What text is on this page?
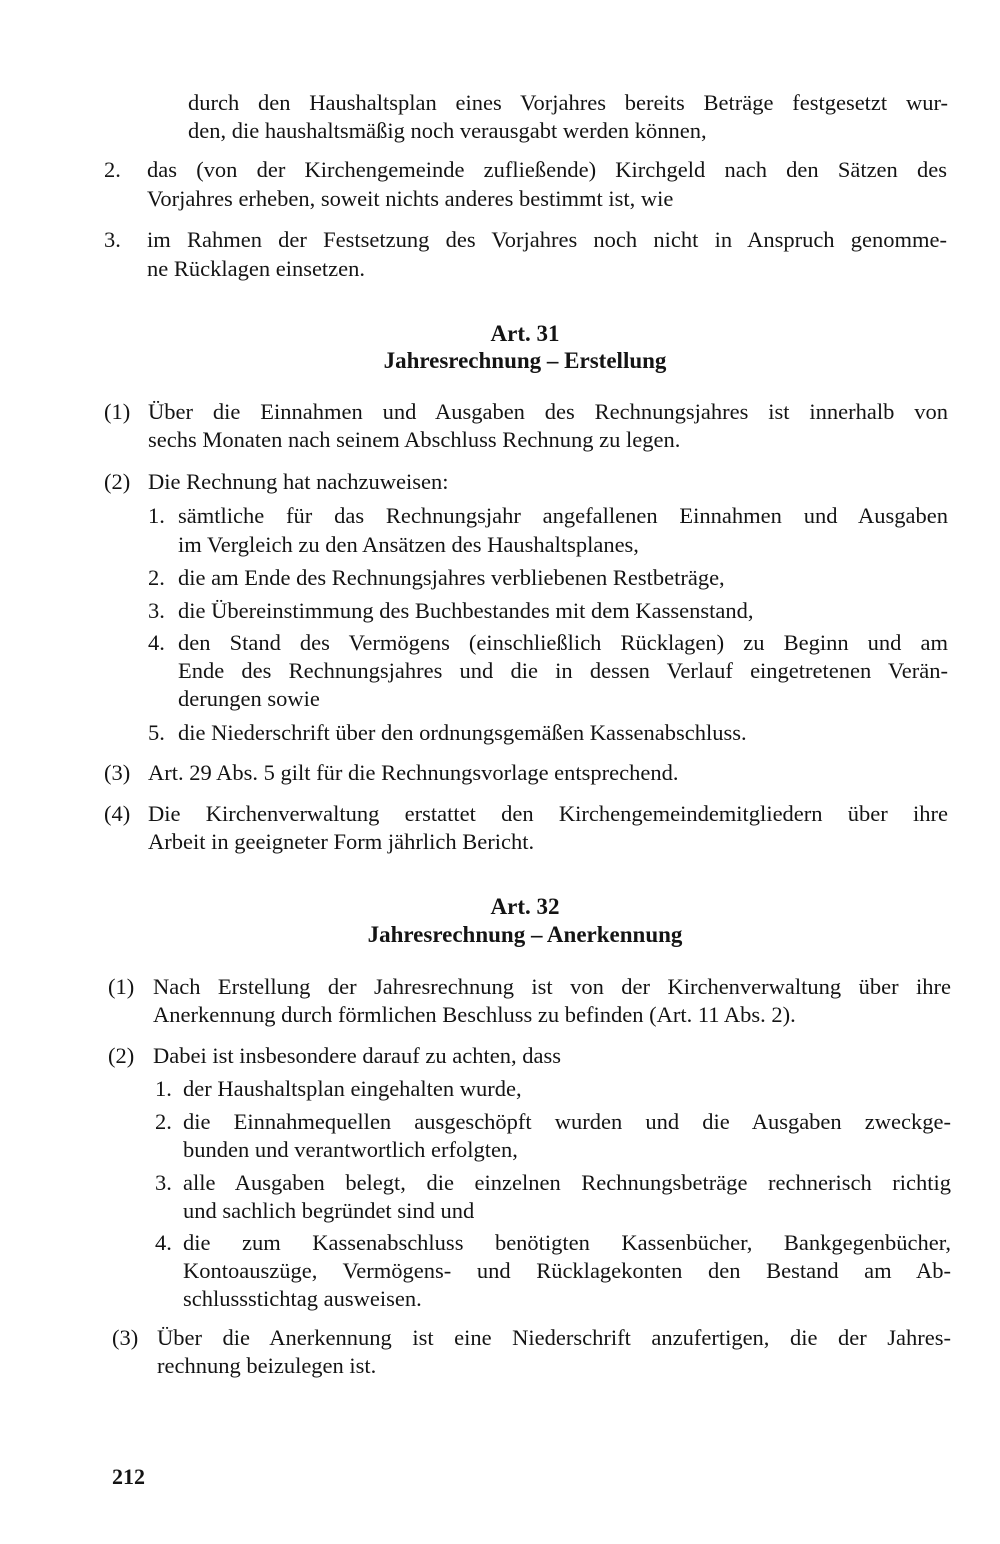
durch den Haushaltsplan eines Vorjahres bereits Beträge festgesetzt wur-
den, die haushaltsmäßig noch verausgabt werden können,
2. das (von der Kirchengemeinde zufließende) Kirchgeld nach den Sätzen des
Vorjahres erheben, soweit nichts anderes bestimmt ist, wie
3. im Rahmen der Festsetzung des Vorjahres noch nicht in Anspruch genomme-
ne Rücklagen einsetzen.
Art. 31
Jahresrechnung – Erstellung
(1) Über die Einnahmen und Ausgaben des Rechnungsjahres ist innerhalb von
sechs Monaten nach seinem Abschluss Rechnung zu legen.
(2) Die Rechnung hat nachzuweisen:
1. sämtliche für das Rechnungsjahr angefallenen Einnahmen und Ausgaben
im Vergleich zu den Ansätzen des Haushaltsplanes,
2. die am Ende des Rechnungsjahres verbliebenen Restbeträge,
3. die Übereinstimmung des Buchbestandes mit dem Kassenstand,
4. den Stand des Vermögens (einschließlich Rücklagen) zu Beginn und am
Ende des Rechnungsjahres und die in dessen Verlauf eingetretenen Verän-
derungen sowie
5. die Niederschrift über den ordnungsgemäßen Kassenabschluss.
(3) Art. 29 Abs. 5 gilt für die Rechnungsvorlage entsprechend.
(4) Die Kirchenverwaltung erstattet den Kirchengemeindemitgliedern über ihre
Arbeit in geeigneter Form jährlich Bericht.
Art. 32
Jahresrechnung – Anerkennung
(1) Nach Erstellung der Jahresrechnung ist von der Kirchenverwaltung über ihre
Anerkennung durch förmlichen Beschluss zu befinden (Art. 11 Abs. 2).
(2) Dabei ist insbesondere darauf zu achten, dass
1. der Haushaltsplan eingehalten wurde,
2. die Einnahmequellen ausgeschöpft wurden und die Ausgaben zweckge-
bunden und verantwortlich erfolgten,
3. alle Ausgaben belegt, die einzelnen Rechnungsbeträge rechnerisch richtig
und sachlich begründet sind und
4. die zum Kassenabschluss benötigten Kassenbücher, Bankgegenbücher,
Kontoauszüge, Vermögens- und Rücklagekonten den Bestand am Ab-
schlussstichtag ausweisen.
(3) Über die Anerkennung ist eine Niederschrift anzufertigen, die der Jahres-
rechnung beizulegen ist.
212
